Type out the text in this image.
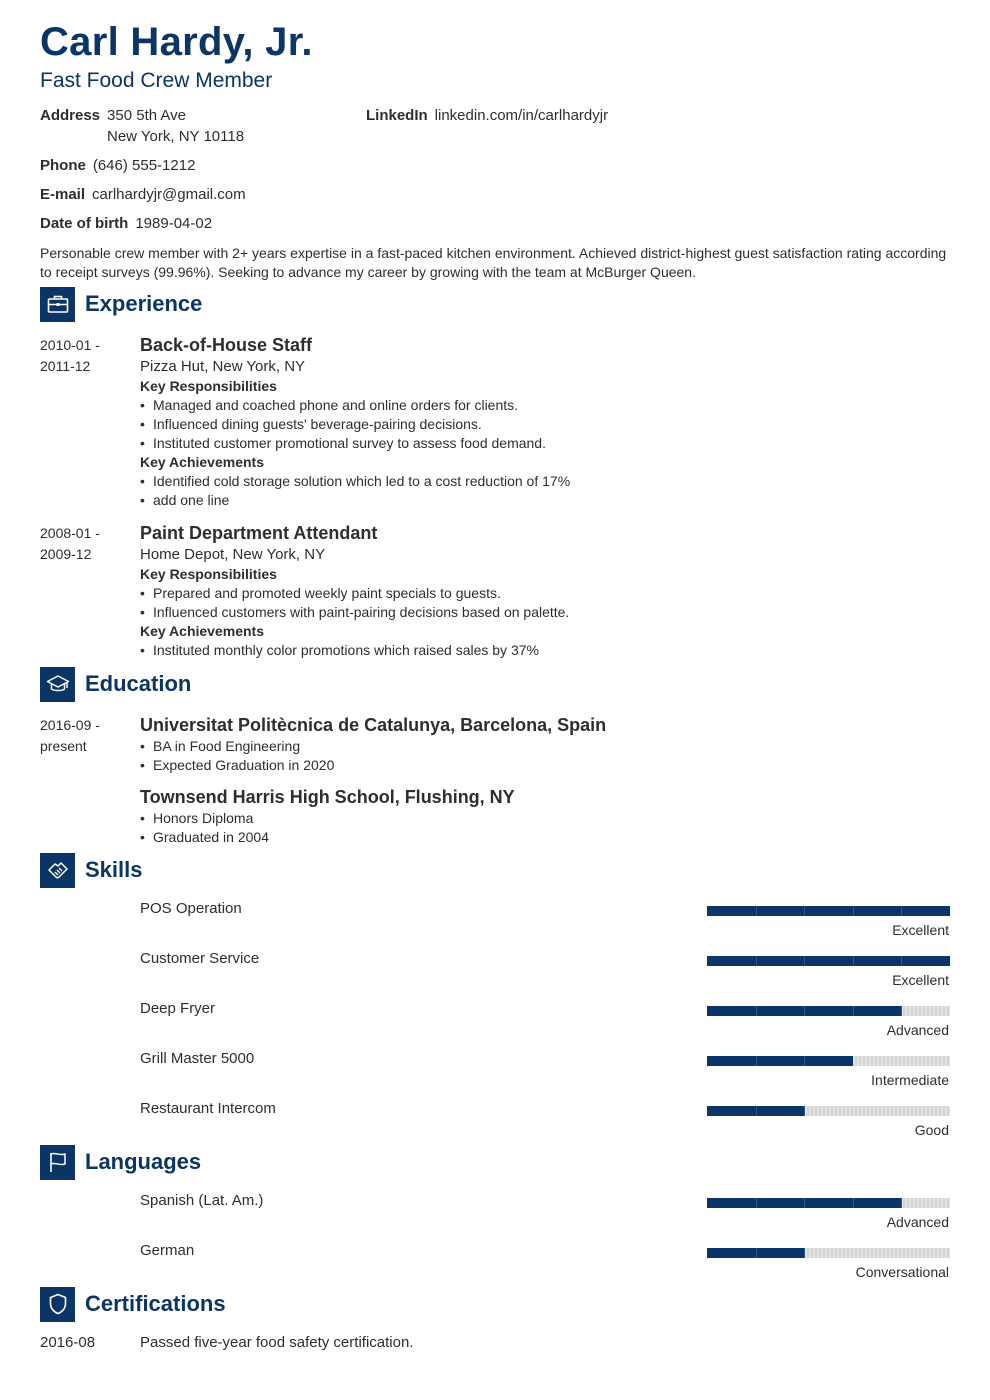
Carl Hardy, Jr.
Fast Food Crew Member
Address 350 5th Ave
New York, NY 10118
LinkedIn linkedin.com/in/carlhardyjr
Phone (646) 555-1212
E-mail carlhardyjr@gmail.com
Date of birth 1989-04-02
Personable crew member with 2+ years expertise in a fast-paced kitchen environment. Achieved district-highest guest satisfaction rating according to receipt surveys (99.96%). Seeking to advance my career by growing with the team at McBurger Queen.
Experience
2010-01 -
2011-12
Back-of-House Staff
Pizza Hut, New York, NY
Key Responsibilities
• Managed and coached phone and online orders for clients.
• Influenced dining guests' beverage-pairing decisions.
• Instituted customer promotional survey to assess food demand.
Key Achievements
• Identified cold storage solution which led to a cost reduction of 17%
• add one line
2008-01 -
2009-12
Paint Department Attendant
Home Depot, New York, NY
Key Responsibilities
• Prepared and promoted weekly paint specials to guests.
• Influenced customers with paint-pairing decisions based on palette.
Key Achievements
• Instituted monthly color promotions which raised sales by 37%
Education
2016-09 -
present
Universitat Politècnica de Catalunya, Barcelona, Spain
• BA in Food Engineering
• Expected Graduation in 2020
Townsend Harris High School, Flushing, NY
• Honors Diploma
• Graduated in 2004
Skills
POS Operation
Excellent
Customer Service
Excellent
Deep Fryer
Advanced
Grill Master 5000
Intermediate
Restaurant Intercom
Good
Languages
Spanish (Lat. Am.)
Advanced
German
Conversational
Certifications
2016-08	Passed five-year food safety certification.
